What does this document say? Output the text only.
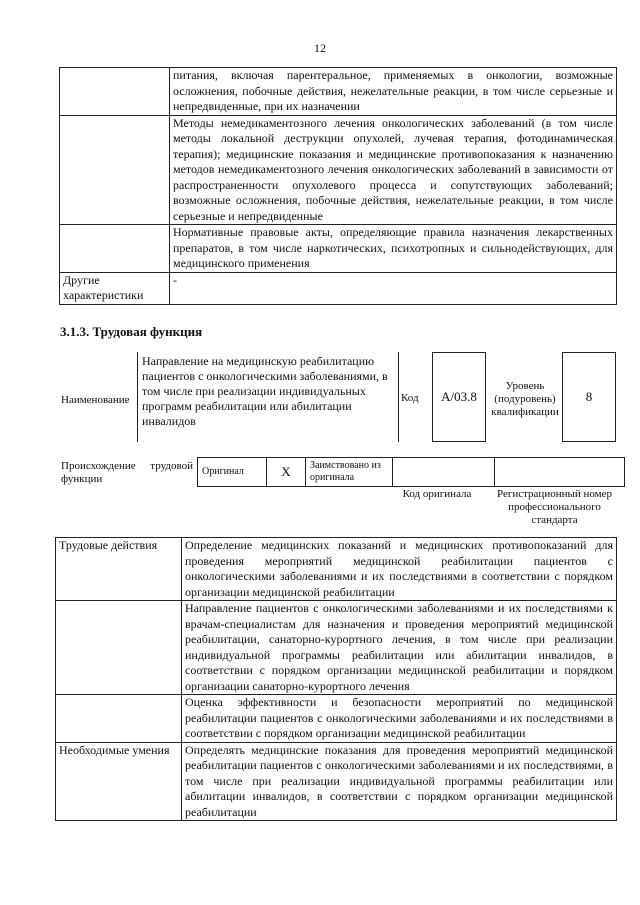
12
	питания, включая парентеральное, применяемых в онкологии, возможные осложнения, побочные действия, нежелательные реакции, в том числе серьезные и непредвиденные, при их назначении
	Методы немедикаментозного лечения онкологических заболеваний (в том числе методы локальной деструкции опухолей, лучевая терапия, фотодинамическая терапия); медицинские показания и медицинские противопоказания к назначению методов немедикаментозного лечения онкологических заболеваний в зависимости от распространенности опухолевого процесса и сопутствующих заболеваний; возможные осложнения, побочные действия, нежелательные реакции, в том числе серьезные и непредвиденные
	Нормативные правовые акты, определяющие правила назначения лекарственных препаратов, в том числе наркотических, психотропных и сильнодействующих, для медицинского применения
Другие характеристики	-
3.1.3. Трудовая функция
Наименование
Направление на медицинскую реабилитацию пациентов с онкологическими заболеваниями, в том числе при реализации индивидуальных программ реабилитации или абилитации инвалидов
Код	A/03.8
Уровень (подуровень) квалификации
8
Происхождение трудовой функции
Оригинал	X	Заимствовано из оригинала		
Код оригинала	Регистрационный номер профессионального стандарта
Трудовые действия	Определение медицинских показаний и медицинских противопоказаний для проведения мероприятий медицинской реабилитации пациентов с онкологическими заболеваниями и их последствиями в соответствии с порядком организации медицинской реабилитации
	Направление пациентов с онкологическими заболеваниями и их последствиями к врачам-специалистам для назначения и проведения мероприятий медицинской реабилитации, санаторно-курортного лечения, в том числе при реализации индивидуальной программы реабилитации или абилитации инвалидов, в соответствии с порядком организации медицинской реабилитации и порядком организации санаторно-курортного лечения
	Оценка эффективности и безопасности мероприятий по медицинской реабилитации пациентов с онкологическими заболеваниями и их последствиями в соответствии с порядком организации медицинской реабилитации
Необходимые умения	Определять медицинские показания для проведения мероприятий медицинской реабилитации пациентов с онкологическими заболеваниями и их последствиями, в том числе при реализации индивидуальной программы реабилитации или абилитации инвалидов, в соответствии с порядком организации медицинской реабилитации
